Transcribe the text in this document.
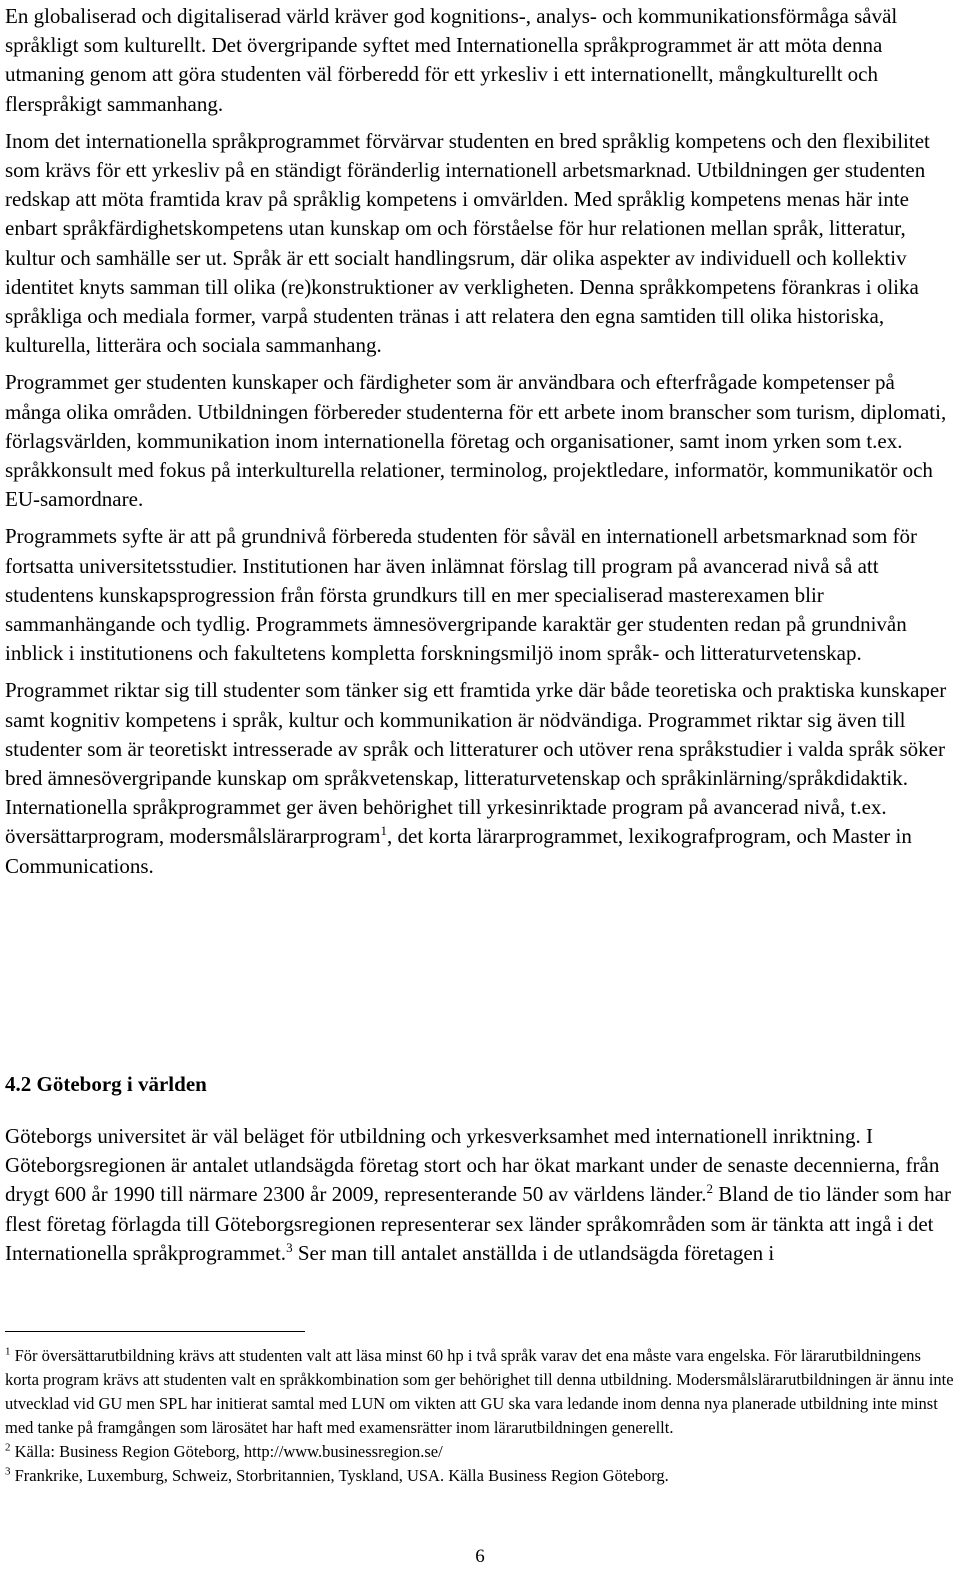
En globaliserad och digitaliserad värld kräver god kognitions-, analys- och kommunikationsförmåga såväl språkligt som kulturellt. Det övergripande syftet med Internationella språkprogrammet är att möta denna utmaning genom att göra studenten väl förberedd för ett yrkesliv i ett internationellt, mångkulturellt och flerspråkigt sammanhang.

Inom det internationella språkprogrammet förvärvar studenten en bred språklig kompetens och den flexibilitet som krävs för ett yrkesliv på en ständigt föränderlig internationell arbetsmarknad. Utbildningen ger studenten redskap att möta framtida krav på språklig kompetens i omvärlden. Med språklig kompetens menas här inte enbart språkfärdighetskompetens utan kunskap om och förståelse för hur relationen mellan språk, litteratur, kultur och samhälle ser ut. Språk är ett socialt handlingsrum, där olika aspekter av individuell och kollektiv identitet knyts samman till olika (re)konstruktioner av verkligheten. Denna språkkompetens förankras i olika språkliga och mediala former, varpå studenten tränas i att relatera den egna samtiden till olika historiska, kulturella, litterära och sociala sammanhang.

Programmet ger studenten kunskaper och färdigheter som är användbara och efterfrågade kompetenser på många olika områden. Utbildningen förbereder studenterna för ett arbete inom branscher som turism, diplomati, förlagsvärlden, kommunikation inom internationella företag och organisationer, samt inom yrken som t.ex. språkkonsult med fokus på interkulturella relationer, terminolog, projektledare, informatör, kommunikatör och EU-samordnare.

Programmets syfte är att på grundnivå förbereda studenten för såväl en internationell arbetsmarknad som för fortsatta universitetsstudier. Institutionen har även inlämnat förslag till program på avancerad nivå så att studentens kunskapsprogression från första grundkurs till en mer specialiserad masterexamen blir sammanhängande och tydlig. Programmets ämnesövergripande karaktär ger studenten redan på grundnivån inblick i institutionens och fakultetens kompletta forskningsmiljö inom språk- och litteraturvetenskap.

Programmet riktar sig till studenter som tänker sig ett framtida yrke där både teoretiska och praktiska kunskaper samt kognitiv kompetens i språk, kultur och kommunikation är nödvändiga. Programmet riktar sig även till studenter som är teoretiskt intresserade av språk och litteraturer och utöver rena språkstudier i valda språk söker bred ämnesövergripande kunskap om språkvetenskap, litteraturvetenskap och språkinlärning/språkdidaktik. Internationella språkprogrammet ger även behörighet till yrkesinriktade program på avancerad nivå, t.ex. översättarprogram, modersmålslärarprogram$^1$, det korta lärarprogrammet, lexikografprogram, och Master in Communications.

4.2 Göteborg i världen

Göteborgs universitet är väl beläget för utbildning och yrkesverksamhet med internationell inriktning. I Göteborgsregionen är antalet utlandsägda företag stort och har ökat markant under de senaste decennierna, från drygt 600 år 1990 till närmare 2300 år 2009, representerande 50 av världens länder.$^2$ Bland de tio länder som har flest företag förlagda till Göteborgsregionen representerar sex länder språkområden som är tänkta att ingå i det Internationella språkprogrammet.$^3$ Ser man till antalet anställda i de utlandsägda företagen i

$^1$ För översättarutbildning krävs att studenten valt att läsa minst 60 hp i två språk varav det ena måste vara engelska. För lärarutbildningens korta program krävs att studenten valt en språkkombination som ger behörighet till denna utbildning. Modersmålslärarutbildningen är ännu inte utvecklad vid GU men SPL har initierat samtal med LUN om vikten att GU ska vara ledande inom denna nya planerade utbildning inte minst med tanke på framgången som lärosätet har haft med examensrätter inom lärarutbildningen generellt.

$^2$ Källa: Business Region Göteborg, http://www.businessregion.se/

$^3$ Frankrike, Luxemburg, Schweiz, Storbritannien, Tyskland, USA. Källa Business Region Göteborg.

6
